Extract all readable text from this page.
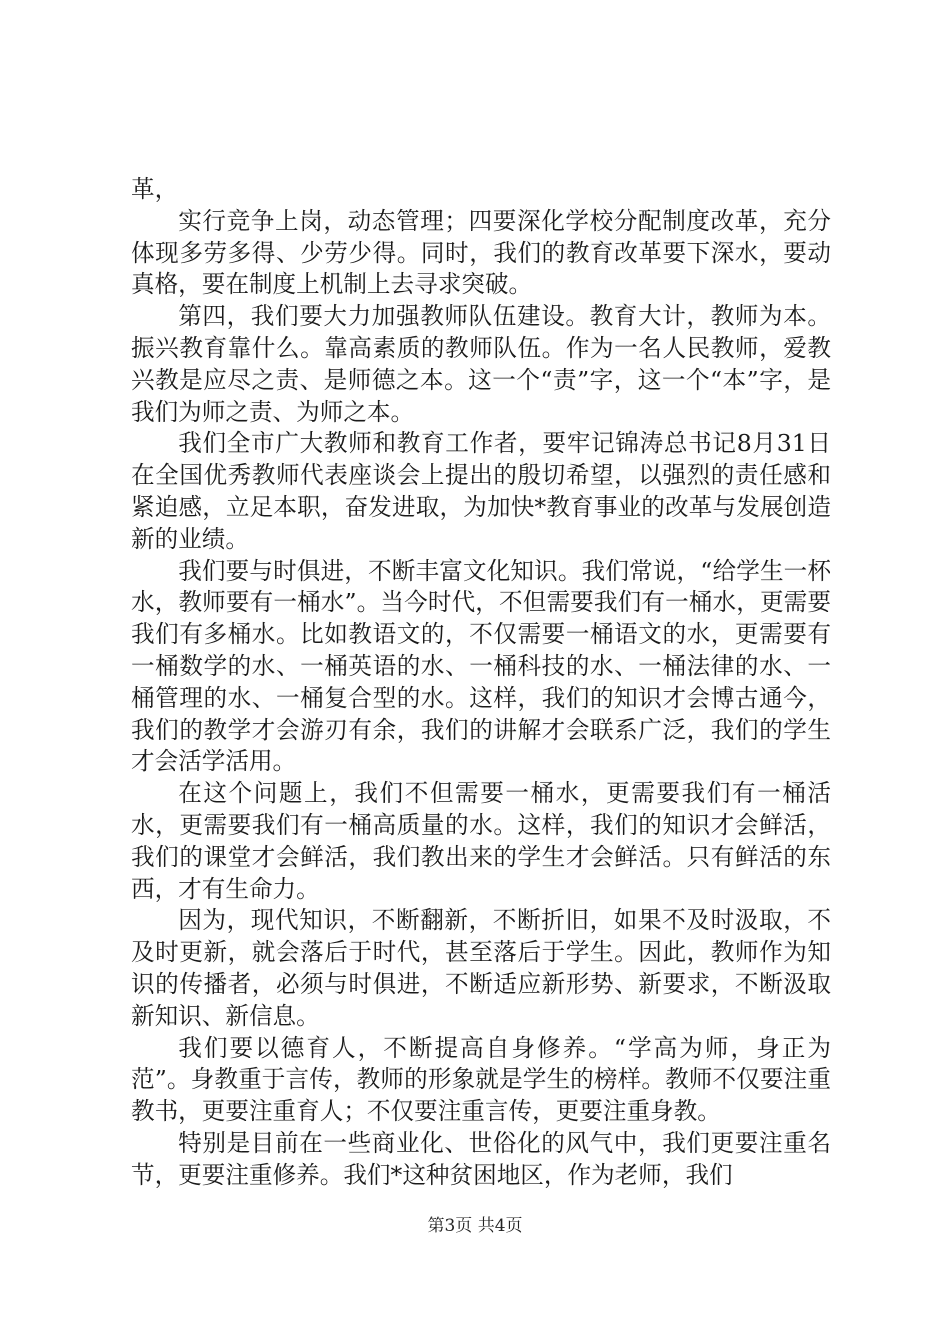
革，

实行竞争上岗，动态管理；四要深化学校分配制度改革，充分体现多劳多得、少劳少得。同时，我们的教育改革要下深水，要动真格，要在制度上机制上去寻求突破。

第四，我们要大力加强教师队伍建设。教育大计，教师为本。振兴教育靠什么。靠高素质的教师队伍。作为一名人民教师，爱教兴教是应尽之责、是师德之本。这一个“责”字，这一个“本”字，是我们为师之责、为师之本。

我们全市广大教师和教育工作者，要牢记锦涛总书记8月31日在全国优秀教师代表座谈会上提出的殷切希望，以强烈的责任感和紧迫感，立足本职，奋发进取，为加快*教育事业的改革与发展创造新的业绩。

我们要与时俱进，不断丰富文化知识。我们常说，“给学生一杯水，教师要有一桶水”。当今时代，不但需要我们有一桶水，更需要我们有多桶水。比如教语文的，不仅需要一桶语文的水，更需要有一桶数学的水、一桶英语的水、一桶科技的水、一桶法律的水、一桶管理的水、一桶复合型的水。这样，我们的知识才会博古通今，我们的教学才会游刃有余，我们的讲解才会联系广泛，我们的学生才会活学活用。

在这个问题上，我们不但需要一桶水，更需要我们有一桶活水，更需要我们有一桶高质量的水。这样，我们的知识才会鲜活，我们的课堂才会鲜活，我们教出来的学生才会鲜活。只有鲜活的东西，才有生命力。

因为，现代知识，不断翻新，不断折旧，如果不及时汲取，不及时更新，就会落后于时代，甚至落后于学生。因此，教师作为知识的传播者，必须与时俱进，不断适应新形势、新要求，不断汲取新知识、新信息。

我们要以德育人，不断提高自身修养。“学高为师，身正为范”。身教重于言传，教师的形象就是学生的榜样。教师不仅要注重教书，更要注重育人；不仅要注重言传，更要注重身教。

特别是目前在一些商业化、世俗化的风气中，我们更要注重名节，更要注重修养。我们*这种贫困地区，作为老师，我们

第3页 共4页
